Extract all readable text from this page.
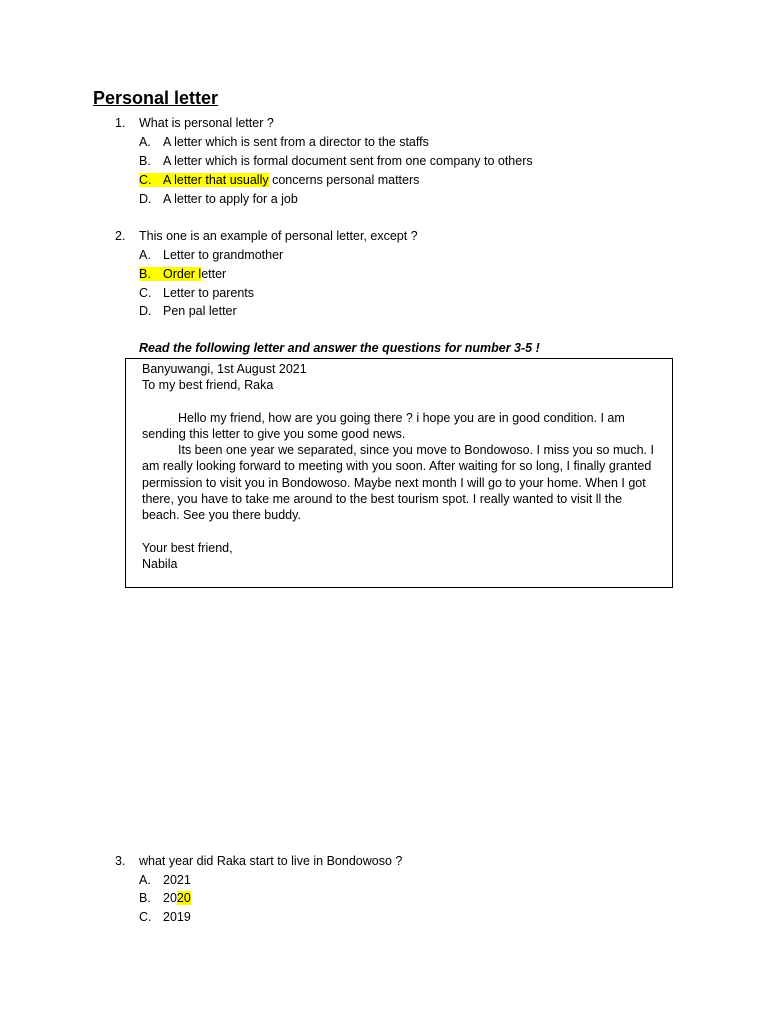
Personal letter
1. What is personal letter ?
A. A letter which is sent from a director to the staffs
B. A letter which is formal document sent from one company to others
C. A letter that usually concerns personal matters
D. A letter to apply for a job
2. This one is an example of personal letter, except ?
A. Letter to grandmother
B. Order letter
C. Letter to parents
D. Pen pal letter
Read the following letter and answer the questions for number 3-5 !
Banyuwangi, 1st August 2021
To my best friend, Raka
Hello my friend, how are you going there ? i hope you are in good condition. I am sending this letter to give you some good news.
Its been one year we separated, since you move to Bondowoso. I miss you so much. I am really looking forward to meeting with you soon. After waiting for so long, I finally granted permission to visit you in Bondowoso. Maybe next month I will go to your home. When I got there, you have to take me around to the best tourism spot. I really wanted to visit ll the beach. See you there buddy.
Your best friend,
Nabila
3. what year did Raka start to live in Bondowoso ?
A. 2021
B. 2020
C. 2019
